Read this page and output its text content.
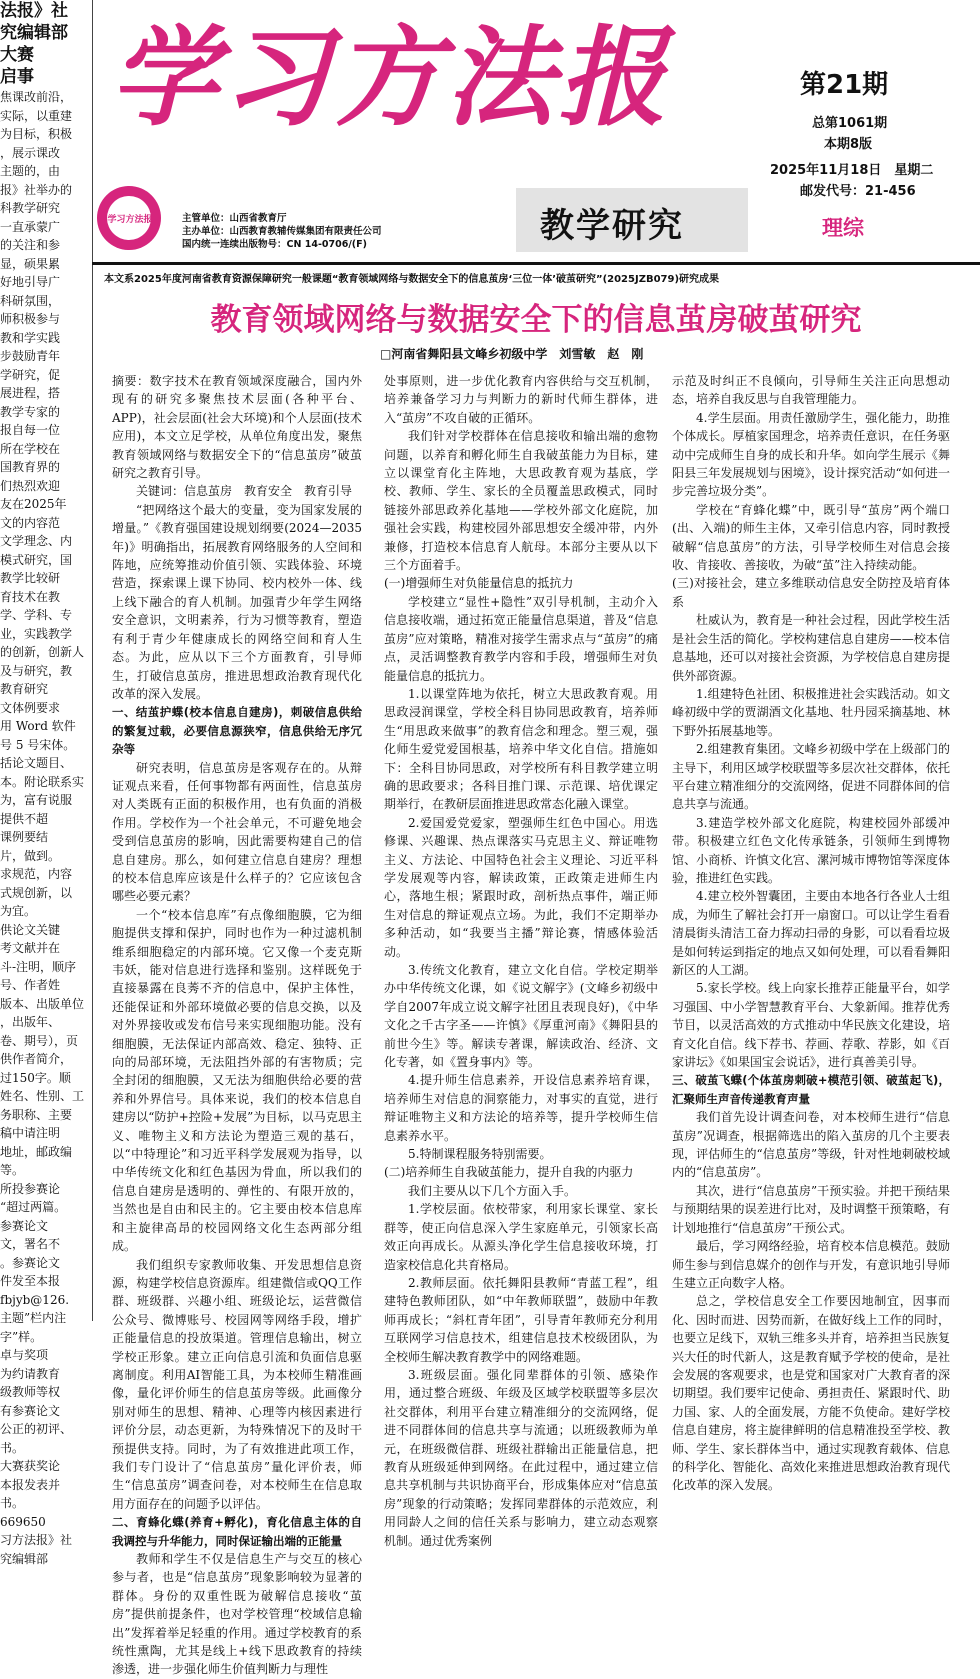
法报》社

究编辑部

大赛

启事

焦课改前沿，

实际，以重建

为目标，积极

，展示课改

主题的，由

报》社举办的

科教学研究

一直承蒙广

的关注和参

显，硕果累

好地引导广

科研氛围，

师积极参与

教和学实践

步鼓励青年

学研究，促

展进程，搭

教学专家的

报自每一位

所在学校在

国教育界的

们热烈欢迎

友在2025年

文的内容范

文学理念、内

模式研究，国

教学比较研

育技术在教

学、学科、专

业，实践教学

的创新，创新人

及与研究，教

教育研究

文体例要求

用 Word 软件

号 5 号宋体。

括论文题目、

本。附论联系实

为，富有说服

提供不超

课例要结

片，做到。

求规范，内容

式规创新，以

为宜。

供论文关键

考文献并在

斗-注明，顺序

号、作者姓

版本、出版单位

，出版年、

卷、期号），页

供作者简介，

过150字。顺

姓名、性别、工

务职称、主要

稿中请注明

地址，邮政编

等。

所投参赛论

“超过两篇。

参赛论文

文，署名不

。参赛论文

件发至本报

fbjyb@126.

主题”栏内注

字”样。

卓与奖项

为约请教育

级教师等权

有参赛论文

公正的初评、

书。

大赛获奖论

本报发表并

书。

669650

习方法报》社

究编辑部

学习方法报	第21期
总第1061期
本期8版
2025年11月18日　星期二
邮发代号：21-456
学习方法报	主管单位：山西省教育厅
主办单位：山西教育教辅传媒集团有限责任公司
国内统一连续出版物号：CN 14-0706/(F)	教学研究	理综
本文系2025年度河南省教育资源保障研究一般课题“教育领域网络与数据安全下的信息茧房‘三位一体’破茧研究”(2025JZB079)研究成果
教育领域网络与数据安全下的信息茧房破茧研究
□河南省舞阳县文峰乡初级中学　刘雪敏　赵　刚

摘要：数字技术在教育领域深度融合，国内外现有的研究多聚焦技术层面(各种平台、APP)，社会层面(社会大环境)和个人层面(技术应用)，本文立足学校，从单位角度出发，聚焦教育领域网络与数据安全下的“信息茧房”破茧研究之教育引导。

关键词：信息茧房　教育安全　教育引导

“把网络这个最大的变量，变为国家发展的增量。”《教育强国建设规划纲要(2024—2035年)》明确指出，拓展教育网络服务的人空间和阵地，应统筹推动价值引领、实践体验、环境营造，探索课上课下协同、校内校外一体、线上线下融合的育人机制。加强青少年学生网络安全意识，文明素养，行为习惯等教育，塑造有利于青少年健康成长的网络空间和育人生态。为此，应从以下三个方面教育，引导师生，打破信息茧房，推进思想政治教育现代化改革的深入发展。

一、结茧护蝶(校本信息自建房)，刺破信息供给的繁复过载，必要信息源狭窄，信息供给无序冗杂等

研究表明，信息茧房是客观存在的。从辩证观点来看，任何事物都有两面性，信息茧房对人类既有正面的积极作用，也有负面的消极作用。学校作为一个社会单元，不可避免地会受到信息茧房的影响，因此需要构建自己的信息自建房。那么，如何建立信息自建房？理想的校本信息库应该是什么样子的？它应该包含哪些必要元素？

一个“校本信息库”有点像细胞膜，它为细胞提供支撑和保护，同时也作为一种过滤机制维系细胞稳定的内部环境。它又像一个麦克斯韦妖，能对信息进行选择和鉴别。这样既免于直接暴露在良莠不齐的信息中，保护主体性，还能保证和外部环境做必要的信息交换，以及对外界接收或发布信号来实现细胞功能。没有细胞膜，无法保证内部高效、稳定、独特、正向的局部环境，无法阻挡外部的有害物质；完全封闭的细胞膜，又无法为细胞供给必要的营养和外界信号。具体来说，我们的校本信息自建房以“防护+控险+发展”为目标，以马克思主义、唯物主义和方法论为塑造三观的基石，以“中特理论”和习近平科学发展观为指导，以中华传统文化和红色基因为骨血，所以我们的信息自建房是透明的、弹性的、有限开放的，当然也是自由和民主的。它主要由校本信息库和主旋律高昂的校园网络文化生态两部分组成。

我们组织专家教师收集、开发思想信息资源，构建学校信息资源库。组建微信或QQ工作群、班级群、兴趣小组、班级论坛，运营微信公众号、微博账号、校园网等网络手段，增扩正能量信息的投放渠道。管理信息输出，树立学校正形象。建立正向信息引流和负面信息驱离制度。利用AI智能工具，为本校师生精准画像，量化评价师生的信息茧房等级。此画像分别对师生的思想、精神、心理等内核因素进行评价分层，动态更新，为特殊情况下的及时干预提供支持。同时，为了有效推进此项工作，我们专门设计了“信息茧房”量化评价表，师生“信息茧房”调查问卷，对本校师生在信息取用方面存在的问题予以评估。

二、育蜂化蝶(养育+孵化)，育化信息主体的自我调控与升华能力，同时保证输出端的正能量

教师和学生不仅是信息生产与交互的核心参与者，也是“信息茧房”现象影响较为显著的群体。身份的双重性既为破解信息接收“茧房”提供前提条件，也对学校管理“校域信息输出”发挥着举足轻重的作用。通过学校教育的系统性熏陶，尤其是线上+线下思政教育的持续渗透，进一步强化师生价值判断力与理性

处事原则，进一步优化教育内容供给与交互机制，培养兼备学习力与判断力的新时代师生群体，进入“茧房”不攻自破的正循环。

我们针对学校群体在信息接收和输出端的愈物问题，以养育和孵化师生自我破茧能力为目标，建立以课堂育化主阵地，大思政教育观为基底，学校、教师、学生、家长的全员覆盖思政模式，同时链接外部思政养化基地——学校外部文化庭院，加强社会实践，构建校园外部思想安全缓冲带，内外兼修，打造校本信息育人航母。本部分主要从以下三个方面着手。

(一)增强师生对负能量信息的抵抗力

学校建立“显性+隐性”双引导机制，主动介入信息接收端，通过拓宽正能量信息渠道，普及“信息茧房”应对策略，精准对接学生需求点与“茧房”的痛点，灵活调整教育教学内容和手段，增强师生对负能量信息的抵抗力。

1.以课堂阵地为依托，树立大思政教育观。用思政浸润课堂，学校全科目协同思政教育，培养师生“用思政来做事”的教育信念和理念。塑三观，强化师生爱党爱国根基，培养中华文化自信。措施如下：全科目协同思政，对学校所有科目教学建立明确的思政要求；各科目推门课、示范课、培优课定期举行，在教研层面推进思政常态化融入课堂。

2.爱国爱党爱家，塑强师生红色中国心。用选修课、兴趣课、热点课落实马克思主义、辩证唯物主义、方法论、中国特色社会主义理论、习近平科学发展观等内容，解读政策，正政策走进师生内心，落地生根；紧跟时政，剖析热点事件，端正师生对信息的辩证观点立场。为此，我们不定期举办多种活动，如“我要当主播”辩论赛，情感体验活动。

3.传统文化教育，建立文化自信。学校定期举办中华传统文化课，如《说文解字》(文峰乡初级中学自2007年成立说文解字社团且表现良好)，《中华文化之千古字圣——许慎》《厚重河南》《舞阳县的前世今生》等。解读专著课，解读政治、经济、文化专著，如《置身事内》等。

4.提升师生信息素养，开设信息素养培育课，培养师生对信息的洞察能力，对事实的直觉，进行辩证唯物主义和方法论的培养等，提升学校师生信息素养水平。

5.特制课程服务特别需要。

(二)培养师生自我破茧能力，提升自我的内驱力

我们主要从以下几个方面入手。

1.学校层面。依校带家，利用家长课堂、家长群等，使正向信息深入学生家庭单元，引领家长高效正向再成长。从源头净化学生信息接收环境，打造家校信息化共育格局。

2.教师层面。依托舞阳县教师“青蓝工程”，组建特色教师团队，如“中年教师联盟”，鼓励中年教师再成长；“斜杠青年团”，引导青年教师充分利用互联网学习信息技术，组建信息技术校级团队，为全校师生解决教育教学中的网络难题。

3.班级层面。强化同辈群体的引领、感染作用，通过整合班级、年级及区域学校联盟等多层次社交群体，利用平台建立精准细分的交流网络，促进不同群体间的信息共享与流通；以班级教师为单元，在班级微信群、班级社群输出正能量信息，把教育从班级延伸到网络。在此过程中，通过建立信息共享机制与共识协商平台，形成集体应对“信息茧房”现象的行动策略；发挥同辈群体的示范效应，利用同龄人之间的信任关系与影响力，建立动态观察机制。通过优秀案例

示范及时纠正不良倾向，引导师生关注正向思想动态，培养自我反思与自我管理能力。

4.学生层面。用责任激励学生，强化能力，助推个体成长。厚植家国理念，培养责任意识，在任务驱动中完成师生自身的成长和升华。如向学生展示《舞阳县三年发展规划与困境》，设计探究活动“如何进一步完善垃圾分类”。

学校在“育蜂化蝶”中，既引导“茧房”两个端口(出、入端)的师生主体，又牵引信息内容，同时教授破解“信息茧房”的方法，引导学校师生对信息会接收、肯接收、善接收，为破“茧”注入持续动能。

(三)对接社会，建立多维联动信息安全防控及培育体系

杜威认为，教育是一种社会过程，因此学校生活是社会生活的简化。学校构建信息自建房——校本信息基地，还可以对接社会资源，为学校信息自建房提供外部资源。

1.组建特色社团、积极推进社会实践活动。如文峰初级中学的贾湖酒文化基地、牡丹园采摘基地、林下野外拓展基地等。

2.组建教育集团。文峰乡初级中学在上级部门的主导下，利用区域学校联盟等多层次社交群体，依托平台建立精准细分的交流网络，促进不同群体间的信息共享与流通。

3.建造学校外部文化庭院，构建校园外部缓冲带。积极建立红色文化传承链条，引领师生到博物馆、小商桥、许慎文化宫、漯河城市博物馆等深度体验，推进红色实践。

4.建立校外智囊团，主要由本地各行各业人士组成，为师生了解社会打开一扇窗口。可以让学生看看清晨街头清洁工奋力挥动扫帚的身影，可以看看垃圾是如何转运到指定的地点又如何处理，可以看看舞阳新区的人工湖。

5.家长学校。线上向家长推荐正能量平台，如学习强国、中小学智慧教育平台、大象新闻。推荐优秀节目，以灵活高效的方式推动中华民族文化建设，培育文化自信。线下荐书、荐画、荐歌、荐影，如《百家讲坛》《如果国宝会说话》，进行真善美引导。

三、破茧飞蝶(个体茧房刺破+模范引领、破茧起飞)，汇聚师生声音传递教育声量

我们首先设计调查问卷，对本校师生进行“信息茧房”况调查，根据筛选出的陷入茧房的几个主要表现，评估师生的“信息茧房”等级，针对性地刺破校域内的“信息茧房”。

其次，进行“信息茧房”干预实验。并把干预结果与预期结果的误差进行比对，及时调整干预策略，有计划地推行“信息茧房”干预公式。

最后，学习网络经验，培育校本信息模范。鼓励师生参与到信息媒介的创作与开发，有意识地引导师生建立正向数字人格。

总之，学校信息安全工作要因地制宜，因事而化、因时而进、因势而新，在做好线上工作的同时，也要立足线下，双轨三维多头并育，培养担当民族复兴大任的时代新人，这是教育赋予学校的使命，是社会发展的客观要求，也是党和国家对广大教育者的深切期望。我们要牢记使命、勇担责任、紧跟时代、助力国、家、人的全面发展，方能不负使命。建好学校信息自建房，将主旋律鲜明的信息精准投至学校、教师、学生、家长群体当中，通过实现教育载体、信息的科学化、智能化、高效化来推进思想政治教育现代化改革的深入发展。
